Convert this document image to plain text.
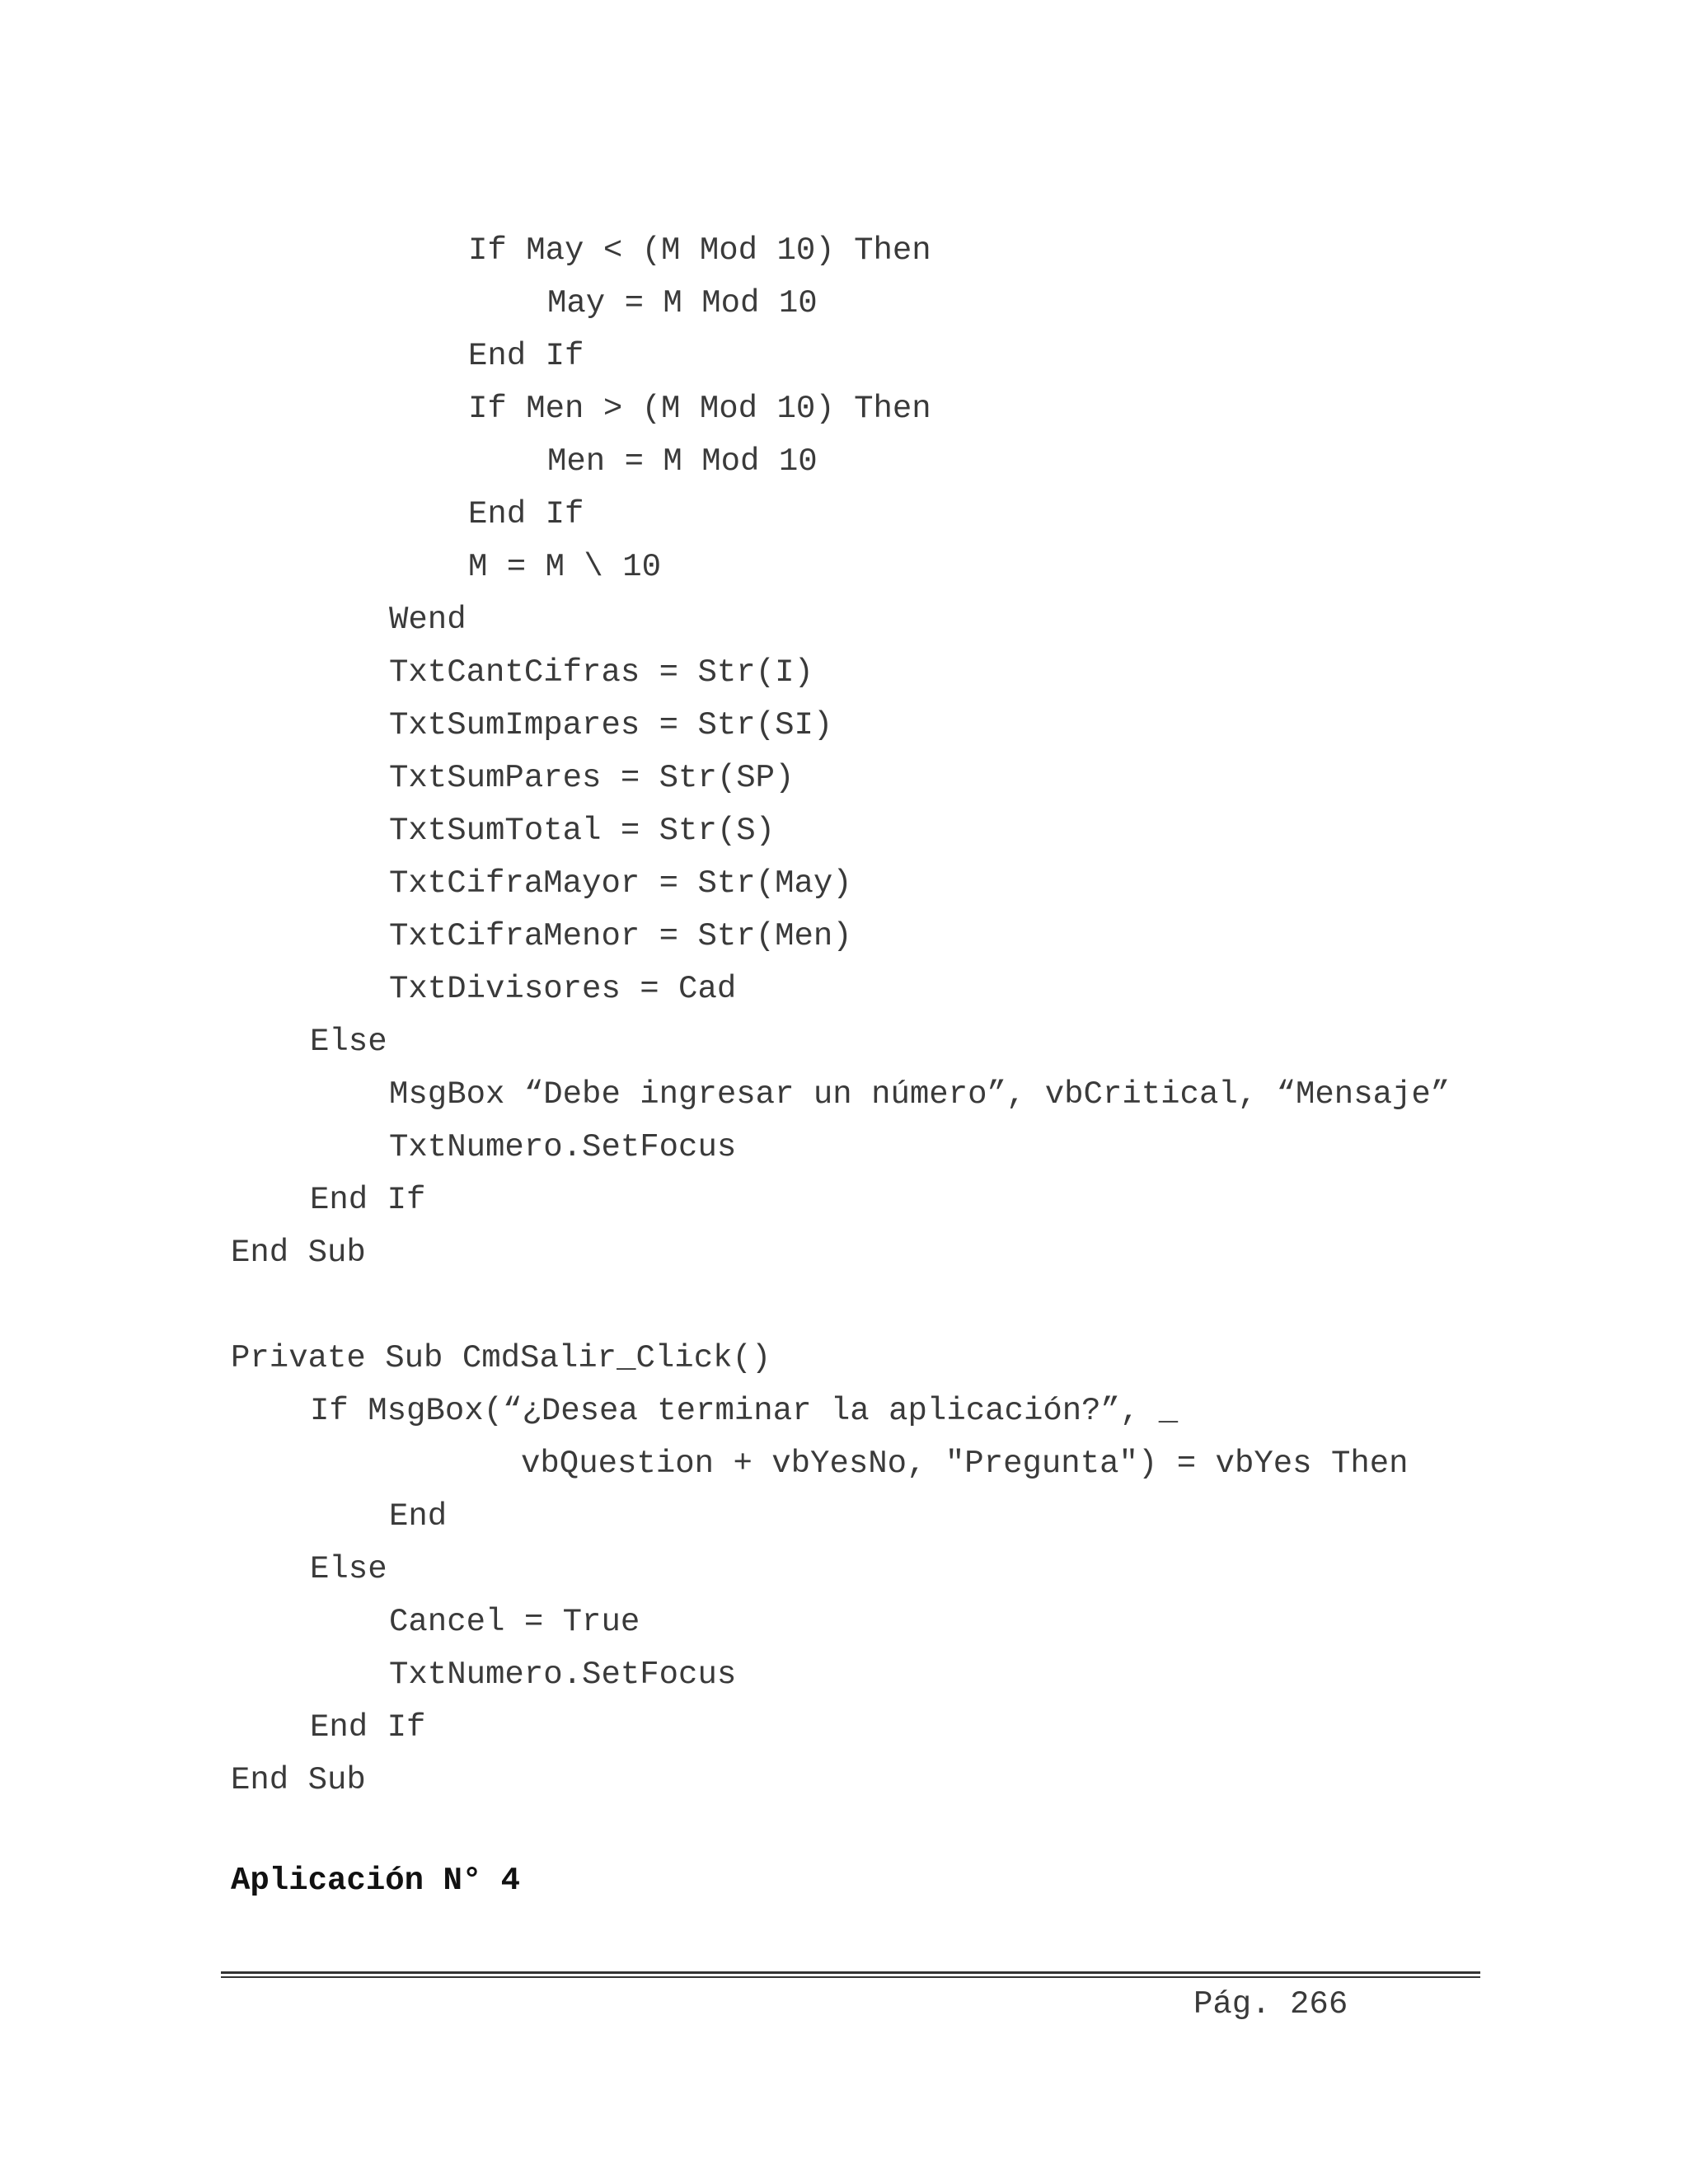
If May < (M Mod 10) Then
May = M Mod 10
End If
If Men > (M Mod 10) Then
Men = M Mod 10
End If
M = M \ 10
Wend
TxtCantCifras = Str(I)
TxtSumImpares = Str(SI)
TxtSumPares = Str(SP)
TxtSumTotal = Str(S)
TxtCifraMayor = Str(May)
TxtCifraMenor = Str(Men)
TxtDivisores = Cad
Else
MsgBox “Debe ingresar un número”, vbCritical, “Mensaje”
TxtNumero.SetFocus
End If
End Sub
Private Sub CmdSalir_Click()
If MsgBox(“¿Desea terminar la aplicación?”, _
vbQuestion + vbYesNo, "Pregunta") = vbYes Then
End
Else
Cancel = True
TxtNumero.SetFocus
End If
End Sub
Aplicación N° 4
Pág. 266
